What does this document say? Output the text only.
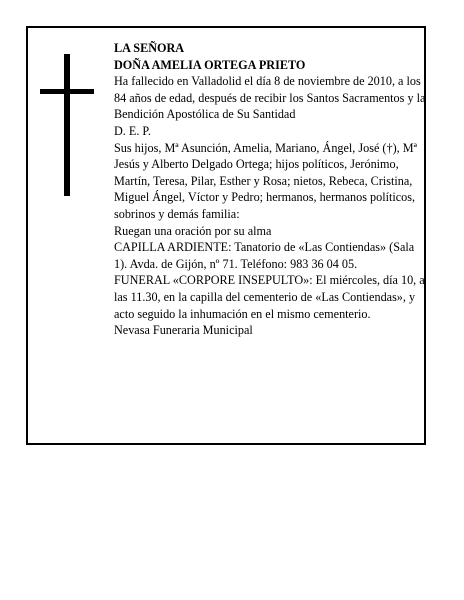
LA SEÑORA

DOÑA AMELIA ORTEGA PRIETO

Ha fallecido en Valladolid el día 8 de noviembre de 2010, a los 84 años de edad, después de recibir los Santos Sacramentos y la Bendición Apostólica de Su Santidad

D. E. P.

Sus hijos, Mª Asunción, Amelia, Mariano, Ángel, José (†), Mª Jesús y Alberto Delgado Ortega; hijos políticos, Jerónimo, Martín, Teresa, Pilar, Esther y Rosa; nietos, Rebeca, Cristina, Miguel Ángel, Víctor y Pedro; hermanos, hermanos políticos, sobrinos y demás familia:

Ruegan una oración por su alma

CAPILLA ARDIENTE: Tanatorio de «Las Contiendas» (Sala 1). Avda. de Gijón, nº 71. Teléfono: 983 36 04 05.

FUNERAL «CORPORE INSEPULTO»: El miércoles, día 10, a las 11.30, en la capilla del cementerio de «Las Contiendas», y acto seguido la inhumación en el mismo cementerio.

Nevasa Funeraria Municipal
